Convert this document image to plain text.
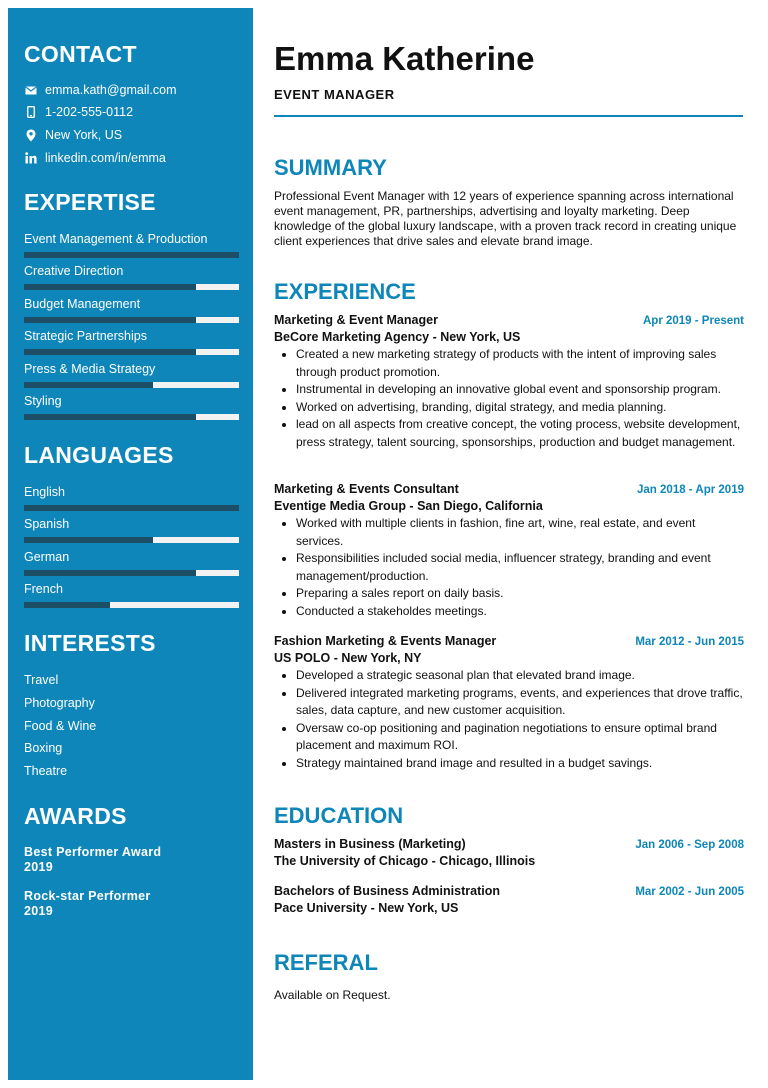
CONTACT
emma.kath@gmail.com
1-202-555-0112
New York, US
linkedin.com/in/emma
EXPERTISE
Event Management & Production
Creative Direction
Budget Management
Strategic Partnerships
Press & Media Strategy
Styling
LANGUAGES
English
Spanish
German
French
INTERESTS
Travel
Photography
Food & Wine
Boxing
Theatre
AWARDS
Best Performer Award
2019
Rock-star Performer
2019
Emma Katherine
EVENT MANAGER
SUMMARY

Professional Event Manager with 12 years of experience spanning across international event management, PR, partnerships, advertising and loyalty marketing. Deep knowledge of the global luxury landscape, with a proven track record in creating unique client experiences that drive sales and elevate brand image.

EXPERIENCE
Marketing & Event Manager	Apr 2019 - Present
BeCore Marketing Agency - New York, US
• Created a new marketing strategy of products with the intent of improving sales through product promotion.
• Instrumental in developing an innovative global event and sponsorship program.
• Worked on advertising, branding, digital strategy, and media planning.
• lead on all aspects from creative concept, the voting process, website development, press strategy, talent sourcing, sponsorships, production and budget management.
Marketing & Events Consultant	Jan 2018 - Apr 2019
Eventige Media Group - San Diego, California
• Worked with multiple clients in fashion, fine art, wine, real estate, and event services.
• Responsibilities included social media, influencer strategy, branding and event management/production.
• Preparing a sales report on daily basis.
• Conducted a stakeholdes meetings.
Fashion Marketing & Events Manager	Mar 2012 - Jun 2015
US POLO - New York, NY
• Developed a strategic seasonal plan that elevated brand image.
• Delivered integrated marketing programs, events, and experiences that drove traffic, sales, data capture, and new customer acquisition.
• Oversaw co-op positioning and pagination negotiations to ensure optimal brand placement and maximum ROI.
• Strategy maintained brand image and resulted in a budget savings.
EDUCATION
Masters in Business (Marketing)	Jan 2006 - Sep 2008
The University of Chicago - Chicago, Illinois
Bachelors of Business Administration	Mar 2002 - Jun 2005
Pace University - New York, US
REFERAL
Available on Request.
